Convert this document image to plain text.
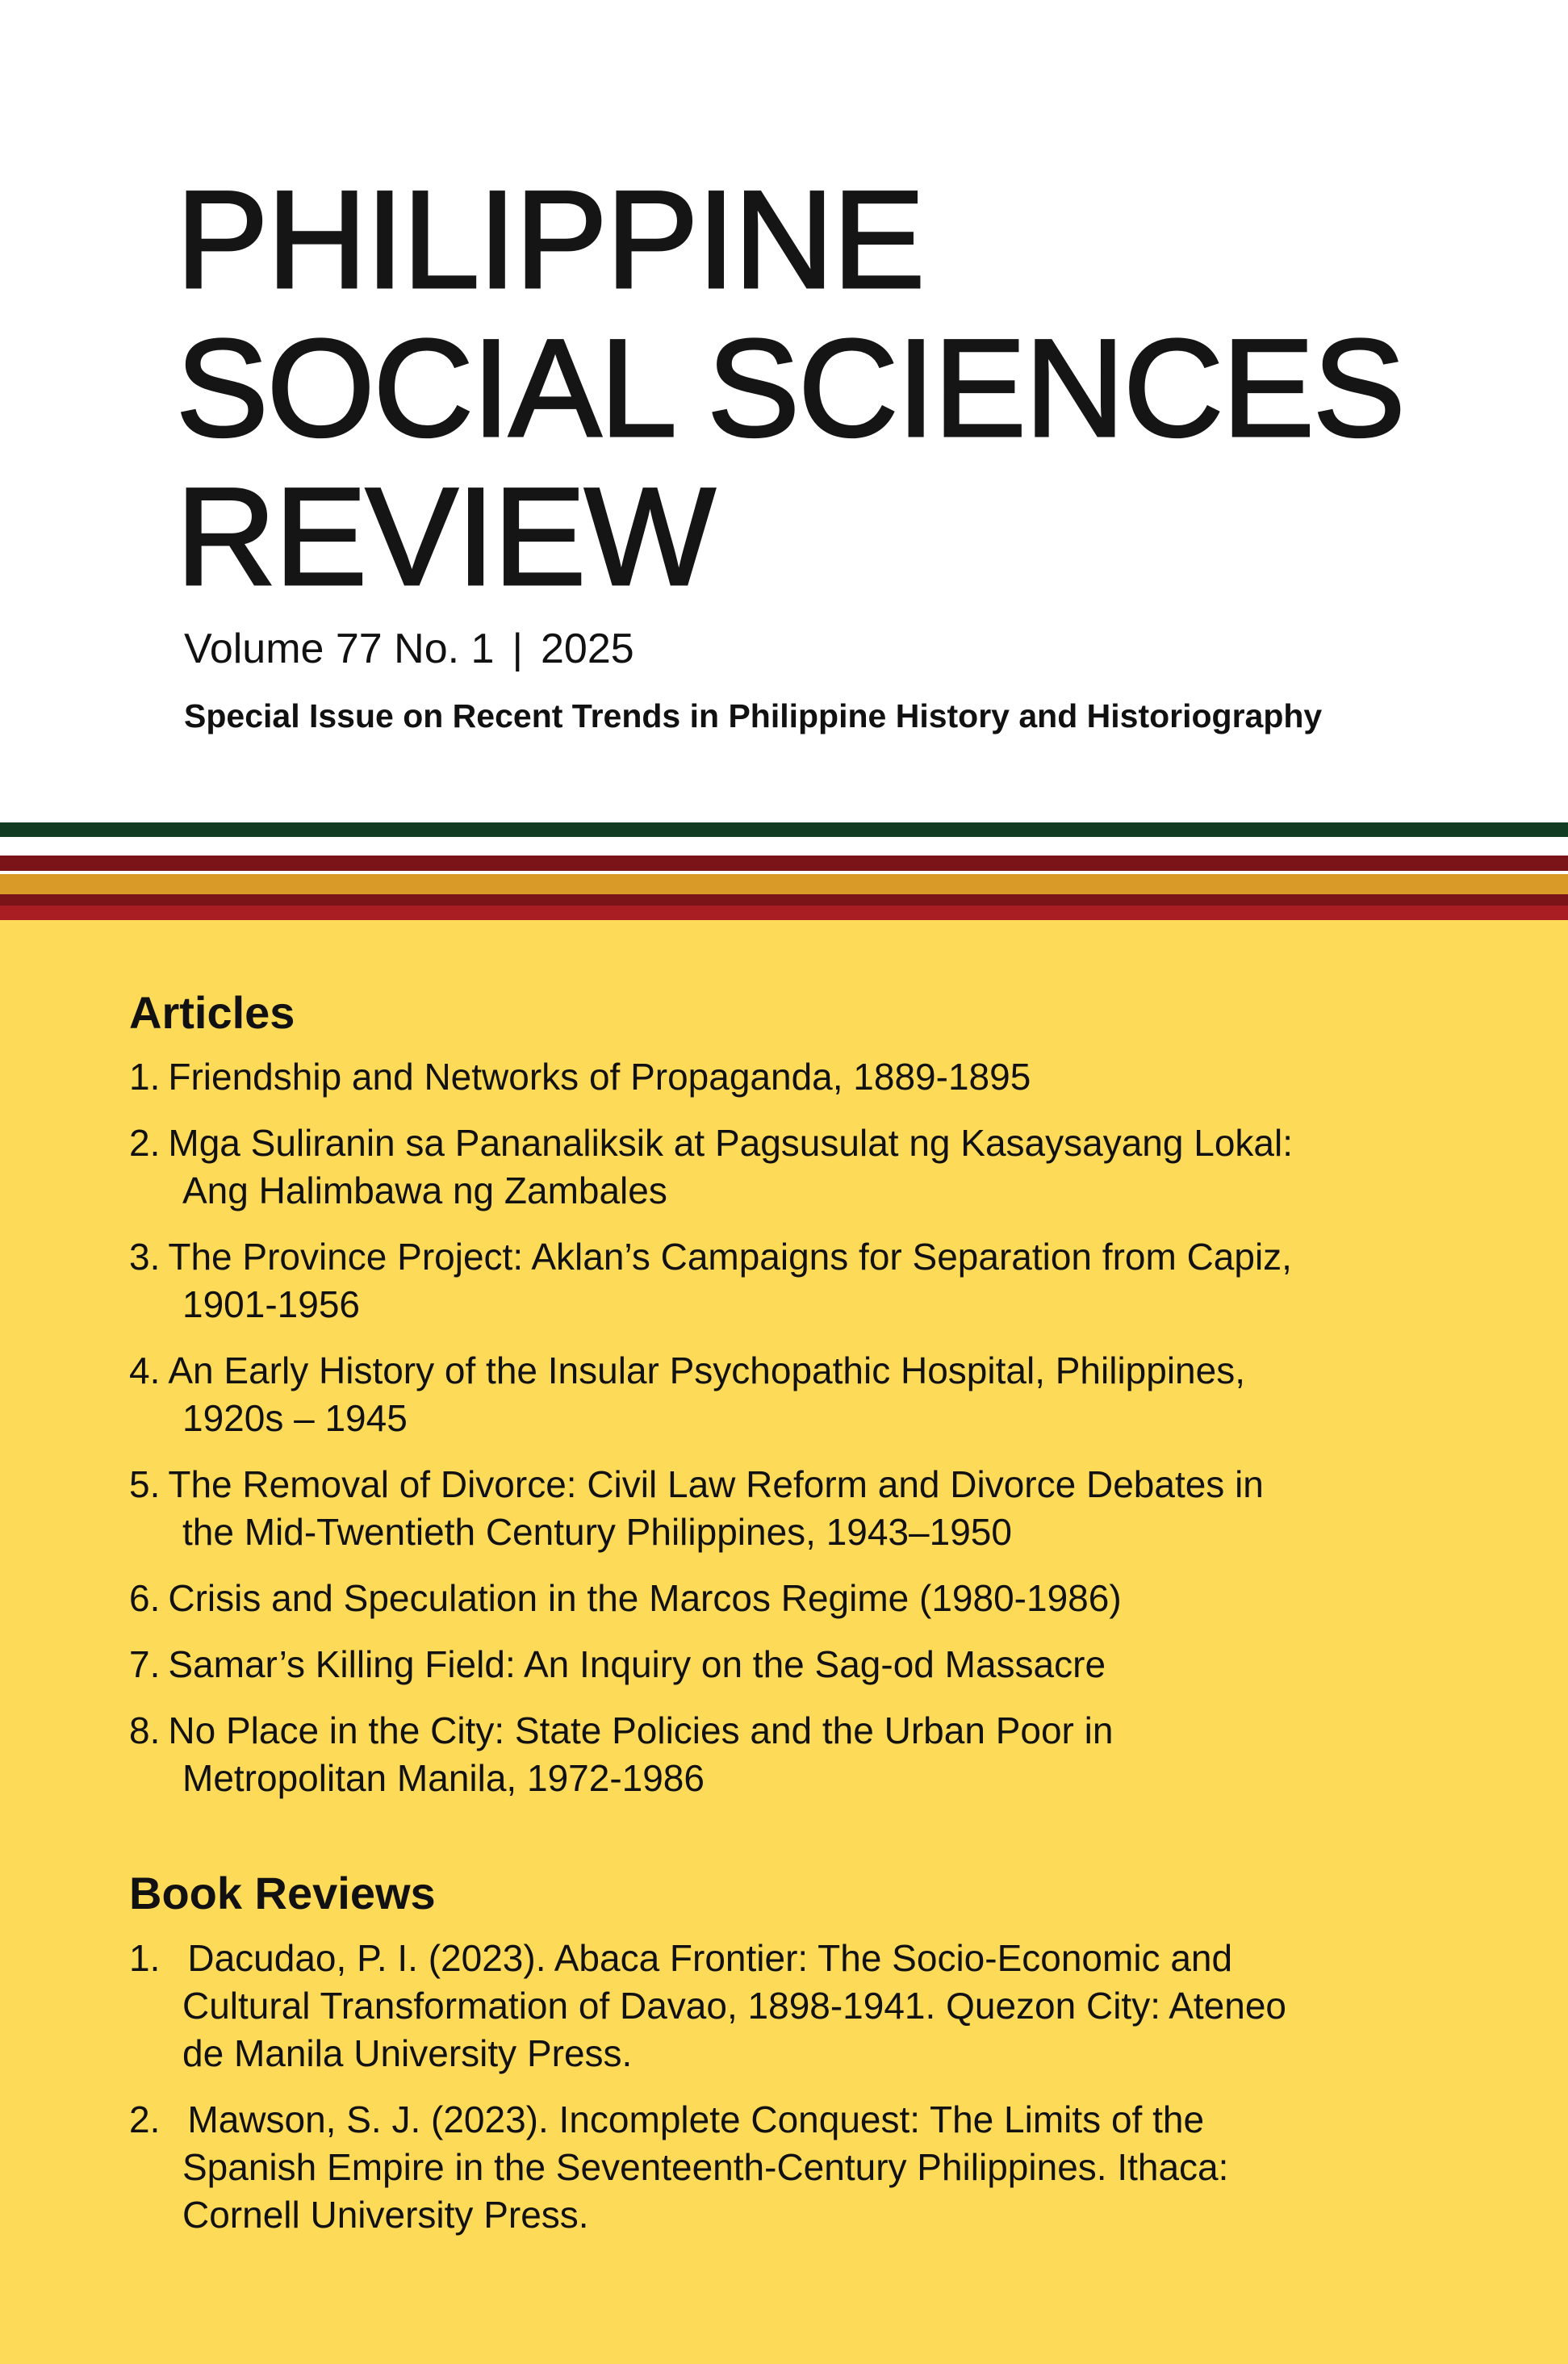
PHILIPPINE
SOCIAL SCIENCES
REVIEW
Volume 77 No. 1 | 2025
Special Issue on Recent Trends in Philippine History and Historiography
Articles
1. Friendship and Networks of Propaganda, 1889-1895
2. Mga Suliranin sa Pananaliksik at Pagsusulat ng Kasaysayang Lokal:
Ang Halimbawa ng Zambales
3. The Province Project: Aklan’s Campaigns for Separation from Capiz,
1901-1956
4. An Early History of the Insular Psychopathic Hospital, Philippines,
1920s – 1945
5. The Removal of Divorce: Civil Law Reform and Divorce Debates in
the Mid-Twentieth Century Philippines, 1943–1950
6. Crisis and Speculation in the Marcos Regime (1980-1986)
7. Samar’s Killing Field: An Inquiry on the Sag-od Massacre
8. No Place in the City: State Policies and the Urban Poor in
Metropolitan Manila, 1972-1986
Book Reviews
1. Dacudao, P. I. (2023). Abaca Frontier: The Socio-Economic and
Cultural Transformation of Davao, 1898-1941. Quezon City: Ateneo
de Manila University Press.
2. Mawson, S. J. (2023). Incomplete Conquest: The Limits of the
Spanish Empire in the Seventeenth-Century Philippines. Ithaca:
Cornell University Press.
